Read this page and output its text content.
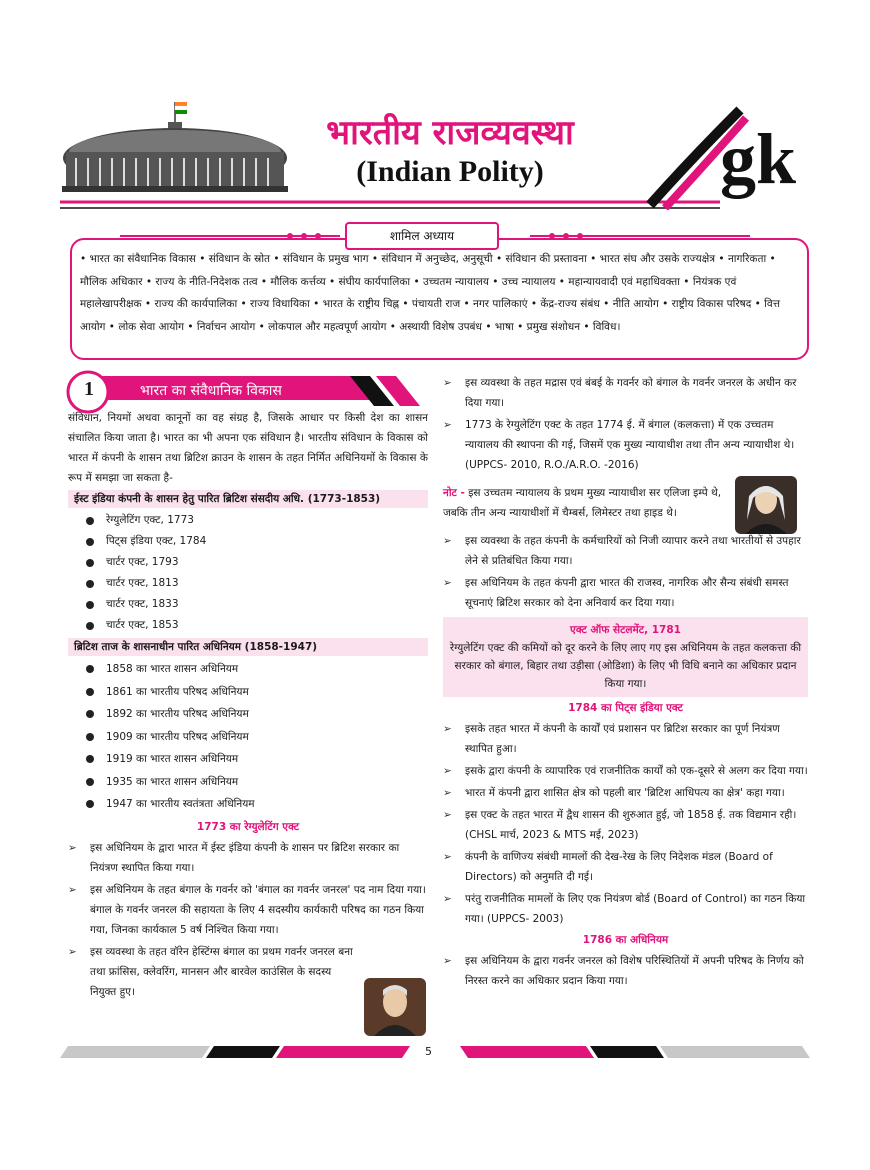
भारतीय राजव्यवस्था
(Indian Polity)	gk
शामिल अध्याय
• भारत का संवैधानिक विकास • संविधान के स्रोत • संविधान के प्रमुख भाग • संविधान में अनुच्छेद, अनुसूची • संविधान की प्रस्तावना • भारत संघ और उसके राज्यक्षेत्र • नागरिकता • मौलिक अधिकार • राज्य के नीति-निदेशक तत्व • मौलिक कर्त्तव्य • संघीय कार्यपालिका • उच्चतम न्यायालय • उच्च न्यायालय • महान्यायवादी एवं महाधिवक्ता • नियंत्रक एवं महालेखापरीक्षक • राज्य की कार्यपालिका • राज्य विधायिका • भारत के राष्ट्रीय चिह्न • पंचायती राज • नगर पालिकाएं • केंद्र-राज्य संबंध • नीति आयोग • राष्ट्रीय विकास परिषद • वित्त आयोग • लोक सेवा आयोग • निर्वाचन आयोग • लोकपाल और महत्वपूर्ण आयोग • अस्थायी विशेष उपबंध • भाषा • प्रमुख संशोधन • विविध।
1	भारत का संवैधानिक विकास

संविधान, नियमों अथवा कानूनों का वह संग्रह है, जिसके आधार पर किसी देश का शासन संचालित किया जाता है। भारत का भी अपना एक संविधान है। भारतीय संविधान के विकास को भारत में कंपनी के शासन तथा ब्रिटिश क्राउन के शासन के तहत निर्मित अधिनियमों के विकास के रूप में समझा जा सकता है-

ईस्ट इंडिया कंपनी के शासन हेतु पारित ब्रिटिश संसदीय अधि. (1773-1853)
रेग्युलेटिंग एक्ट, 1773
पिट्स इंडिया एक्ट, 1784
चार्टर एक्ट, 1793
चार्टर एक्ट, 1813
चार्टर एक्ट, 1833
चार्टर एक्ट, 1853
ब्रिटिश ताज के शासनाधीन पारित अधिनियम (1858-1947)
1858 का भारत शासन अधिनियम
1861 का भारतीय परिषद अधिनियम
1892 का भारतीय परिषद अधिनियम
1909 का भारतीय परिषद अधिनियम
1919 का भारत शासन अधिनियम
1935 का भारत शासन अधिनियम
1947 का भारतीय स्वतंत्रता अधिनियम
1773 का रेग्युलेटिंग एक्ट

➢ इस अधिनियम के द्वारा भारत में ईस्ट इंडिया कंपनी के शासन पर ब्रिटिश सरकार का नियंत्रण स्थापित किया गया।

➢ इस अधिनियम के तहत बंगाल के गवर्नर को 'बंगाल का गवर्नर जनरल' पद नाम दिया गया। बंगाल के गवर्नर जनरल की सहायता के लिए 4 सदस्यीय कार्यकारी परिषद का गठन किया गया, जिनका कार्यकाल 5 वर्ष निश्चित किया गया।

➢ इस व्यवस्था के तहत वॉरेन हेस्टिंग्स बंगाल का प्रथम गवर्नर जनरल बना तथा फ्रांसिस, क्लेवरिंग, मानसन और बारवेल काउंसिल के सदस्य नियुक्त हुए।

➢ इस व्यवस्था के तहत मद्रास एवं बंबई के गवर्नर को बंगाल के गवर्नर जनरल के अधीन कर दिया गया।

➢ 1773 के रेग्युलेटिंग एक्ट के तहत 1774 ई. में बंगाल (कलकत्ता) में एक उच्चतम न्यायालय की स्थापना की गई, जिसमें एक मुख्य न्यायाधीश तथा तीन अन्य न्यायाधीश थे। (UPPCS- 2010, R.O./A.R.O. -2016)

नोट - इस उच्चतम न्यायालय के प्रथम मुख्य न्यायाधीश सर एलिजा इम्पे थे, जबकि तीन अन्य न्यायाधीशों में चैम्बर्स, लिमेस्टर तथा हाइड थे।

➢ इस व्यवस्था के तहत कंपनी के कर्मचारियों को निजी व्यापार करने तथा भारतीयों से उपहार लेने से प्रतिबंधित किया गया।

➢ इस अधिनियम के तहत कंपनी द्वारा भारत की राजस्व, नागरिक और सैन्य संबंधी समस्त सूचनाएं ब्रिटिश सरकार को देना अनिवार्य कर दिया गया।

एक्ट ऑफ सेटलमेंट, 1781
रेग्युलेटिंग एक्ट की कमियों को दूर करने के लिए लाए गए इस अधिनियम के तहत कलकत्ता की सरकार को बंगाल, बिहार तथा उड़ीसा (ओडिशा) के लिए भी विधि बनाने का अधिकार प्रदान किया गया।
1784 का पिट्स इंडिया एक्ट

➢ इसके तहत भारत में कंपनी के कार्यों एवं प्रशासन पर ब्रिटिश सरकार का पूर्ण नियंत्रण स्थापित हुआ।

➢ इसके द्वारा कंपनी के व्यापारिक एवं राजनीतिक कार्यों को एक-दूसरे से अलग कर दिया गया।

➢ भारत में कंपनी द्वारा शासित क्षेत्र को पहली बार 'ब्रिटिश आधिपत्य का क्षेत्र' कहा गया।

➢ इस एक्ट के तहत भारत में द्वैध शासन की शुरुआत हुई, जो 1858 ई. तक विद्यमान रही। (CHSL मार्च, 2023 & MTS मई, 2023)

➢ कंपनी के वाणिज्य संबंधी मामलों की देख-रेख के लिए निदेशक मंडल (Board of Directors) को अनुमति दी गई।

➢ परंतु राजनीतिक मामलों के लिए एक नियंत्रण बोर्ड (Board of Control) का गठन किया गया। (UPPCS- 2003)

1786 का अधिनियम

➢ इस अधिनियम के द्वारा गवर्नर जनरल को विशेष परिस्थितियों में अपनी परिषद के निर्णय को निरस्त करने का अधिकार प्रदान किया गया।

5
